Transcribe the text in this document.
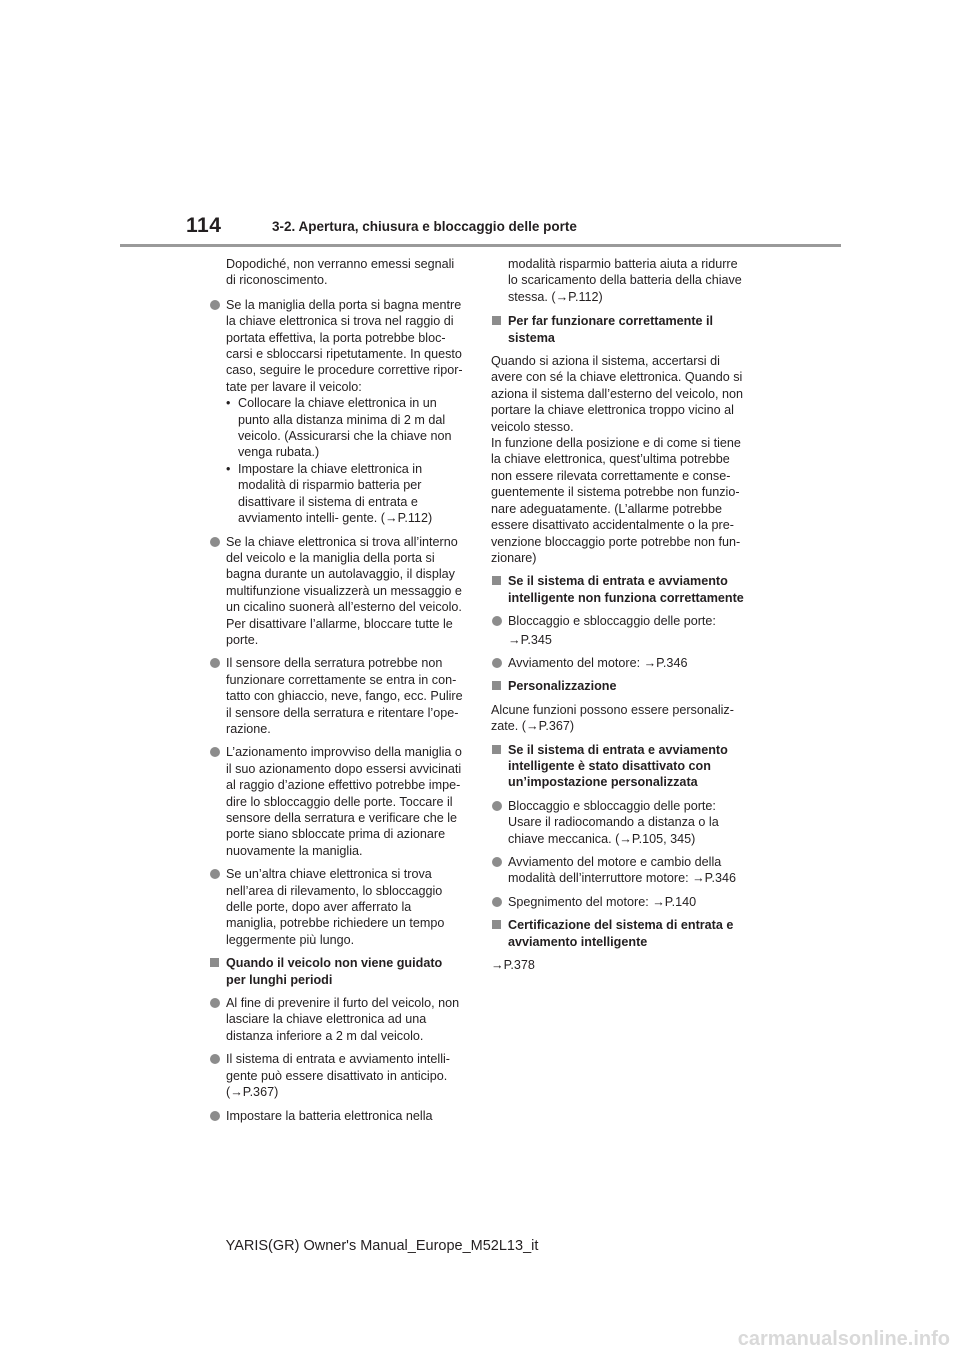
114	3-2. Apertura, chiusura e bloccaggio delle porte
Dopodiché, non verranno emessi segnali di riconoscimento.
Se la maniglia della porta si bagna mentre la chiave elettronica si trova nel raggio di portata effettiva, la porta potrebbe bloc- carsi e sbloccarsi ripetutamente. In questo caso, seguire le procedure correttive ripor- tate per lavare il veicolo:
• Collocare la chiave elettronica in un punto alla distanza minima di 2 m dal veicolo. (Assicurarsi che la chiave non venga rubata.)
• Impostare la chiave elettronica in modalità di risparmio batteria per disattivare il sistema di entrata e avviamento intelli- gente. (→P.112)
Se la chiave elettronica si trova all’interno del veicolo e la maniglia della porta si bagna durante un autolavaggio, il display multifunzione visualizzerà un messaggio e un cicalino suonerà all’esterno del veicolo. Per disattivare l’allarme, bloccare tutte le porte.
Il sensore della serratura potrebbe non funzionare correttamente se entra in con- tatto con ghiaccio, neve, fango, ecc. Pulire il sensore della serratura e ritentare l’ope- razione.
L’azionamento improvviso della maniglia o il suo azionamento dopo essersi avvicinati al raggio d’azione effettivo potrebbe impe- dire lo sbloccaggio delle porte. Toccare il sensore della serratura e verificare che le porte siano sbloccate prima di azionare nuovamente la maniglia.
Se un’altra chiave elettronica si trova nell’area di rilevamento, lo sbloccaggio delle porte, dopo aver afferrato la maniglia, potrebbe richiedere un tempo leggermente più lungo.
Quando il veicolo non viene guidato per lunghi periodi
Al fine di prevenire il furto del veicolo, non lasciare la chiave elettronica ad una distanza inferiore a 2 m dal veicolo.
Il sistema di entrata e avviamento intelli- gente può essere disattivato in anticipo. (→P.367)
Impostare la batteria elettronica nella
modalità risparmio batteria aiuta a ridurre lo scaricamento della batteria della chiave stessa. (→P.112)
Per far funzionare correttamente il sistema
Quando si aziona il sistema, accertarsi di avere con sé la chiave elettronica. Quando si aziona il sistema dall’esterno del veicolo, non portare la chiave elettronica troppo vicino al veicolo stesso.
In funzione della posizione e di come si tiene la chiave elettronica, quest’ultima potrebbe non essere rilevata correttamente e conse- guentemente il sistema potrebbe non funzio- nare adeguatamente. (L’allarme potrebbe essere disattivato accidentalmente o la pre- venzione bloccaggio porte potrebbe non fun- zionare)
Se il sistema di entrata e avviamento intelligente non funziona correttamente
Bloccaggio e sbloccaggio delle porte:
→P.345
Avviamento del motore: →P.346
Personalizzazione
Alcune funzioni possono essere personaliz- zate. (→P.367)
Se il sistema di entrata e avviamento intelligente è stato disattivato con un’impostazione personalizzata
Bloccaggio e sbloccaggio delle porte: Usare il radiocomando a distanza o la chiave meccanica. (→P.105, 345)
Avviamento del motore e cambio della modalità dell’interruttore motore: →P.346
Spegnimento del motore: →P.140
Certificazione del sistema di entrata e avviamento intelligente
→P.378
YARIS(GR) Owner's Manual_Europe_M52L13_it
carmanualsonline.info
